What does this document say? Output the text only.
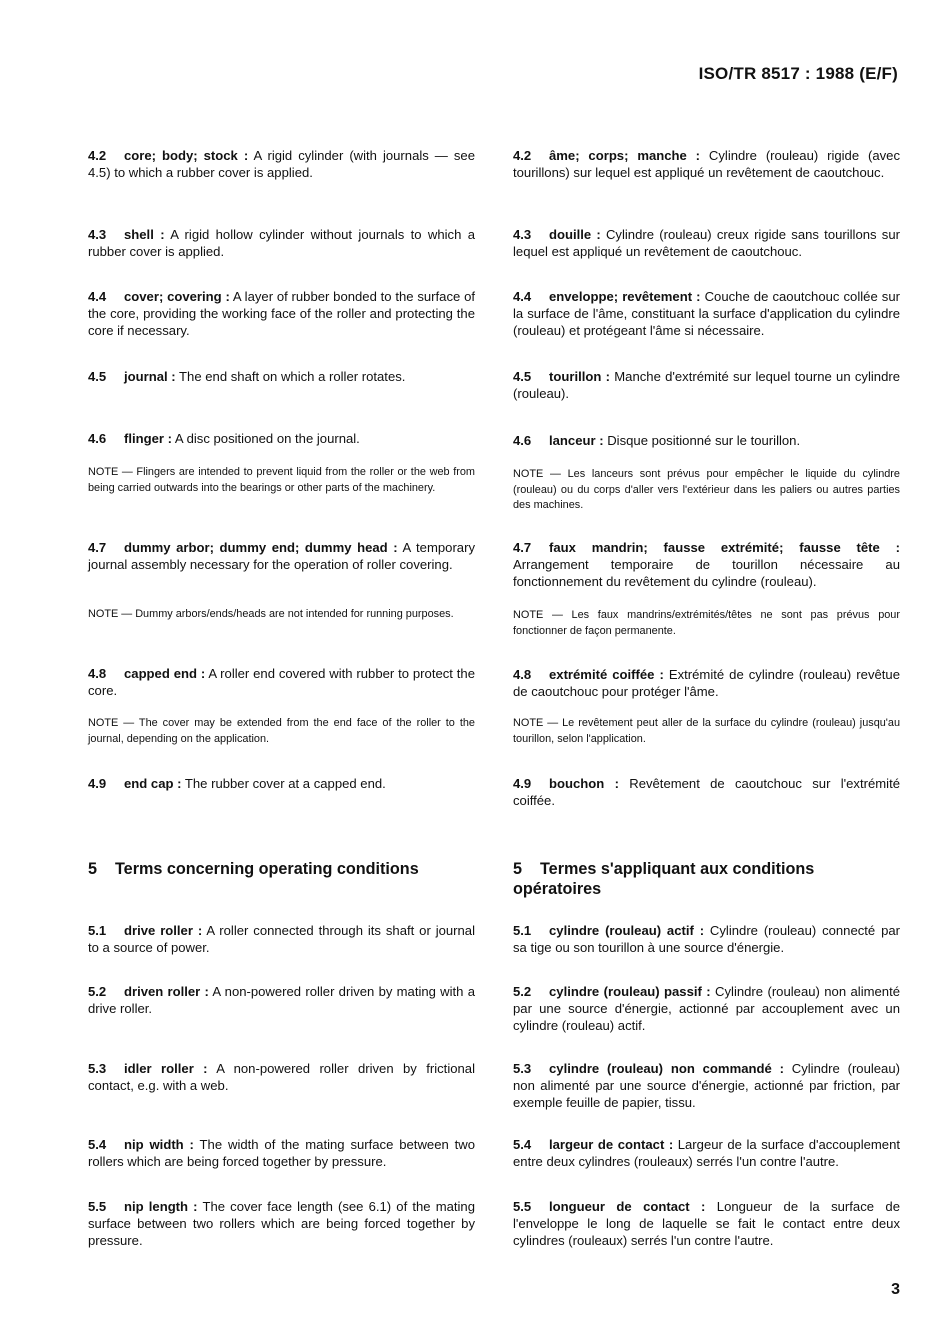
ISO/TR 8517 : 1988 (E/F)
4.2 core; body; stock : A rigid cylinder (with journals — see 4.5) to which a rubber cover is applied.
4.3 shell : A rigid hollow cylinder without journals to which a rubber cover is applied.
4.4 cover; covering : A layer of rubber bonded to the surface of the core, providing the working face of the roller and protecting the core if necessary.
4.5 journal : The end shaft on which a roller rotates.
4.6 flinger : A disc positioned on the journal.
NOTE — Flingers are intended to prevent liquid from the roller or the web from being carried outwards into the bearings or other parts of the machinery.
4.7 dummy arbor; dummy end; dummy head : A temporary journal assembly necessary for the operation of roller covering.
NOTE — Dummy arbors/ends/heads are not intended for running purposes.
4.8 capped end : A roller end covered with rubber to protect the core.
NOTE — The cover may be extended from the end face of the roller to the journal, depending on the application.
4.9 end cap : The rubber cover at a capped end.
5 Terms concerning operating conditions
5.1 drive roller : A roller connected through its shaft or journal to a source of power.
5.2 driven roller : A non-powered roller driven by mating with a drive roller.
5.3 idler roller : A non-powered roller driven by frictional contact, e.g. with a web.
5.4 nip width : The width of the mating surface between two rollers which are being forced together by pressure.
5.5 nip length : The cover face length (see 6.1) of the mating surface between two rollers which are being forced together by pressure.
4.2 âme; corps; manche : Cylindre (rouleau) rigide (avec tourillons) sur lequel est appliqué un revêtement de caoutchouc.
4.3 douille : Cylindre (rouleau) creux rigide sans tourillons sur lequel est appliqué un revêtement de caoutchouc.
4.4 enveloppe; revêtement : Couche de caoutchouc collée sur la surface de l'âme, constituant la surface d'application du cylindre (rouleau) et protégeant l'âme si nécessaire.
4.5 tourillon : Manche d'extrémité sur lequel tourne un cylindre (rouleau).
4.6 lanceur : Disque positionné sur le tourillon.
NOTE — Les lanceurs sont prévus pour empêcher le liquide du cylindre (rouleau) ou du corps d'aller vers l'extérieur dans les paliers ou autres parties des machines.
4.7 faux mandrin; fausse extrémité; fausse tête : Arrangement temporaire de tourillon nécessaire au fonctionnement du revêtement du cylindre (rouleau).
NOTE — Les faux mandrins/extrémités/têtes ne sont pas prévus pour fonctionner de façon permanente.
4.8 extrémité coiffée : Extrémité de cylindre (rouleau) revêtue de caoutchouc pour protéger l'âme.
NOTE — Le revêtement peut aller de la surface du cylindre (rouleau) jusqu'au tourillon, selon l'application.
4.9 bouchon : Revêtement de caoutchouc sur l'extrémité coiffée.
5 Termes s'appliquant aux conditions opératoires
5.1 cylindre (rouleau) actif : Cylindre (rouleau) connecté par sa tige ou son tourillon à une source d'énergie.
5.2 cylindre (rouleau) passif : Cylindre (rouleau) non alimenté par une source d'énergie, actionné par accouplement avec un cylindre (rouleau) actif.
5.3 cylindre (rouleau) non commandé : Cylindre (rouleau) non alimenté par une source d'énergie, actionné par friction, par exemple feuille de papier, tissu.
5.4 largeur de contact : Largeur de la surface d'accouplement entre deux cylindres (rouleaux) serrés l'un contre l'autre.
5.5 longueur de contact : Longueur de la surface de l'enveloppe le long de laquelle se fait le contact entre deux cylindres (rouleaux) serrés l'un contre l'autre.
3
